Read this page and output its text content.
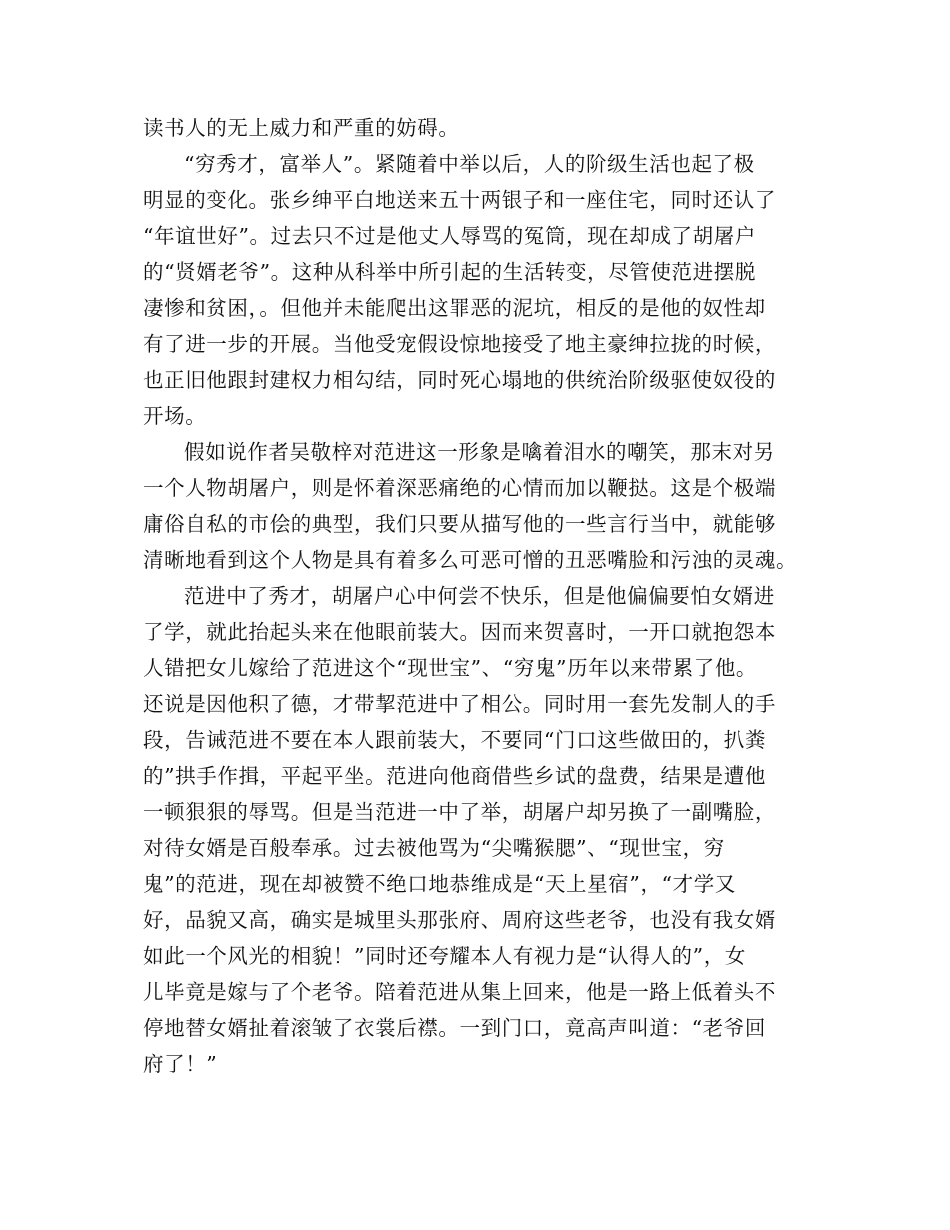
读书人的无上威力和严重的妨碍。
“穷秀才，富举人”。紧随着中举以后，人的阶级生活也起了极
明显的变化。张乡绅平白地送来五十两银子和一座住宅，同时还认了
“年谊世好”。过去只不过是他丈人辱骂的冤筒，现在却成了胡屠户
的“贤婿老爷”。这种从科举中所引起的生活转变，尽管使范进摆脱
凄惨和贫困，。但他并未能爬出这罪恶的泥坑，相反的是他的奴性却
有了进一步的开展。当他受宠假设惊地接受了地主豪绅拉拢的时候，
也正旧他跟封建权力相勾结，同时死心塌地的供统治阶级驱使奴役的
开场。
假如说作者吴敬梓对范进这一形象是噙着泪水的嘲笑，那末对另
一个人物胡屠户，则是怀着深恶痛绝的心情而加以鞭挞。这是个极端
庸俗自私的市侩的典型，我们只要从描写他的一些言行当中，就能够
清晰地看到这个人物是具有着多么可恶可憎的丑恶嘴脸和污浊的灵魂。
范进中了秀才，胡屠户心中何尝不快乐，但是他偏偏要怕女婿进
了学，就此抬起头来在他眼前装大。因而来贺喜时，一开口就抱怨本
人错把女儿嫁给了范进这个“现世宝”、“穷鬼”历年以来带累了他。
还说是因他积了德，才带挈范进中了相公。同时用一套先发制人的手
段，告诫范进不要在本人跟前装大，不要同“门口这些做田的，扒粪
的”拱手作揖，平起平坐。范进向他商借些乡试的盘费，结果是遭他
一顿狠狠的辱骂。但是当范进一中了举，胡屠户却另换了一副嘴脸，
对待女婿是百般奉承。过去被他骂为“尖嘴猴腮”、“现世宝，穷
鬼”的范进，现在却被赞不绝口地恭维成是“天上星宿”，“才学又
好，品貌又高，确实是城里头那张府、周府这些老爷，也没有我女婿
如此一个风光的相貌！”同时还夸耀本人有视力是“认得人的”，女
儿毕竟是嫁与了个老爷。陪着范进从集上回来，他是一路上低着头不
停地替女婿扯着滚皱了衣裳后襟。一到门口，竟高声叫道：“老爷回
府了！”
